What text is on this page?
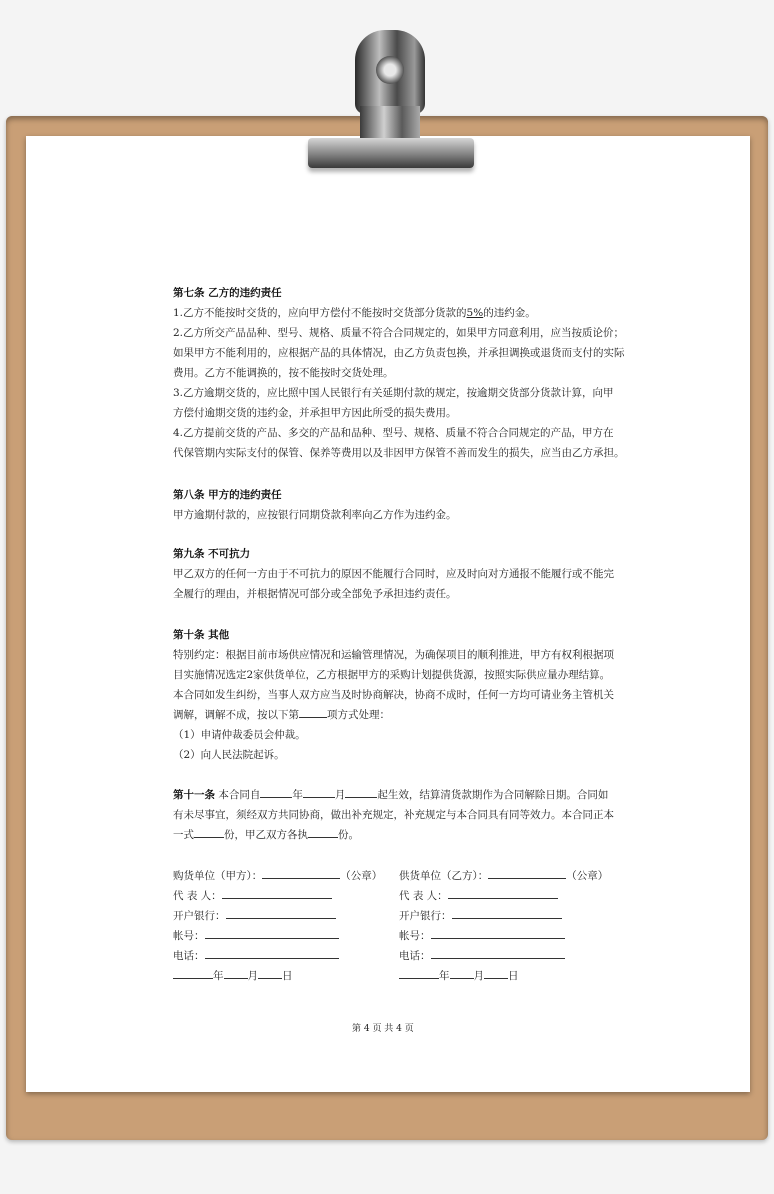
第七条 乙方的违约责任
1.乙方不能按时交货的，应向甲方偿付不能按时交货部分货款的5%的违约金。
2.乙方所交产品品种、型号、规格、质量不符合合同规定的，如果甲方同意利用，应当按质论价；
如果甲方不能利用的，应根据产品的具体情况，由乙方负责包换，并承担调换或退货而支付的实际
费用。乙方不能调换的，按不能按时交货处理。
3.乙方逾期交货的，应比照中国人民银行有关延期付款的规定，按逾期交货部分货款计算，向甲
方偿付逾期交货的违约金，并承担甲方因此所受的损失费用。
4.乙方提前交货的产品、多交的产品和品种、型号、规格、质量不符合合同规定的产品，甲方在
代保管期内实际支付的保管、保养等费用以及非因甲方保管不善而发生的损失，应当由乙方承担。
第八条 甲方的违约责任
甲方逾期付款的，应按银行同期贷款利率向乙方作为违约金。
第九条 不可抗力
甲乙双方的任何一方由于不可抗力的原因不能履行合同时，应及时向对方通报不能履行或不能完
全履行的理由，并根据情况可部分或全部免予承担违约责任。
第十条 其他
特别约定：根据目前市场供应情况和运输管理情况，为确保项目的顺利推进，甲方有权利根据项
目实施情况选定2家供货单位，乙方根据甲方的采购计划提供货源，按照实际供应量办理结算。
本合同如发生纠纷，当事人双方应当及时协商解决，协商不成时，任何一方均可请业务主管机关
调解，调解不成，按以下第	项方式处理：
（1）申请仲裁委员会仲裁。
（2）向人民法院起诉。
第十一条 本合同自	年	月	起生效，结算清货款期作为合同解除日期。合同如
有未尽事宜，须经双方共同协商，做出补充规定，补充规定与本合同具有同等效力。本合同正本
一式	份，甲乙双方各执	份。
购货单位（甲方）：	（公章）
代 表 人：
开户银行：
帐号：
电话：
年 月 日
供货单位（乙方）：	（公章）
代 表 人：
开户银行：
帐号：
电话：
年 月 日
第 4 页 共 4 页
